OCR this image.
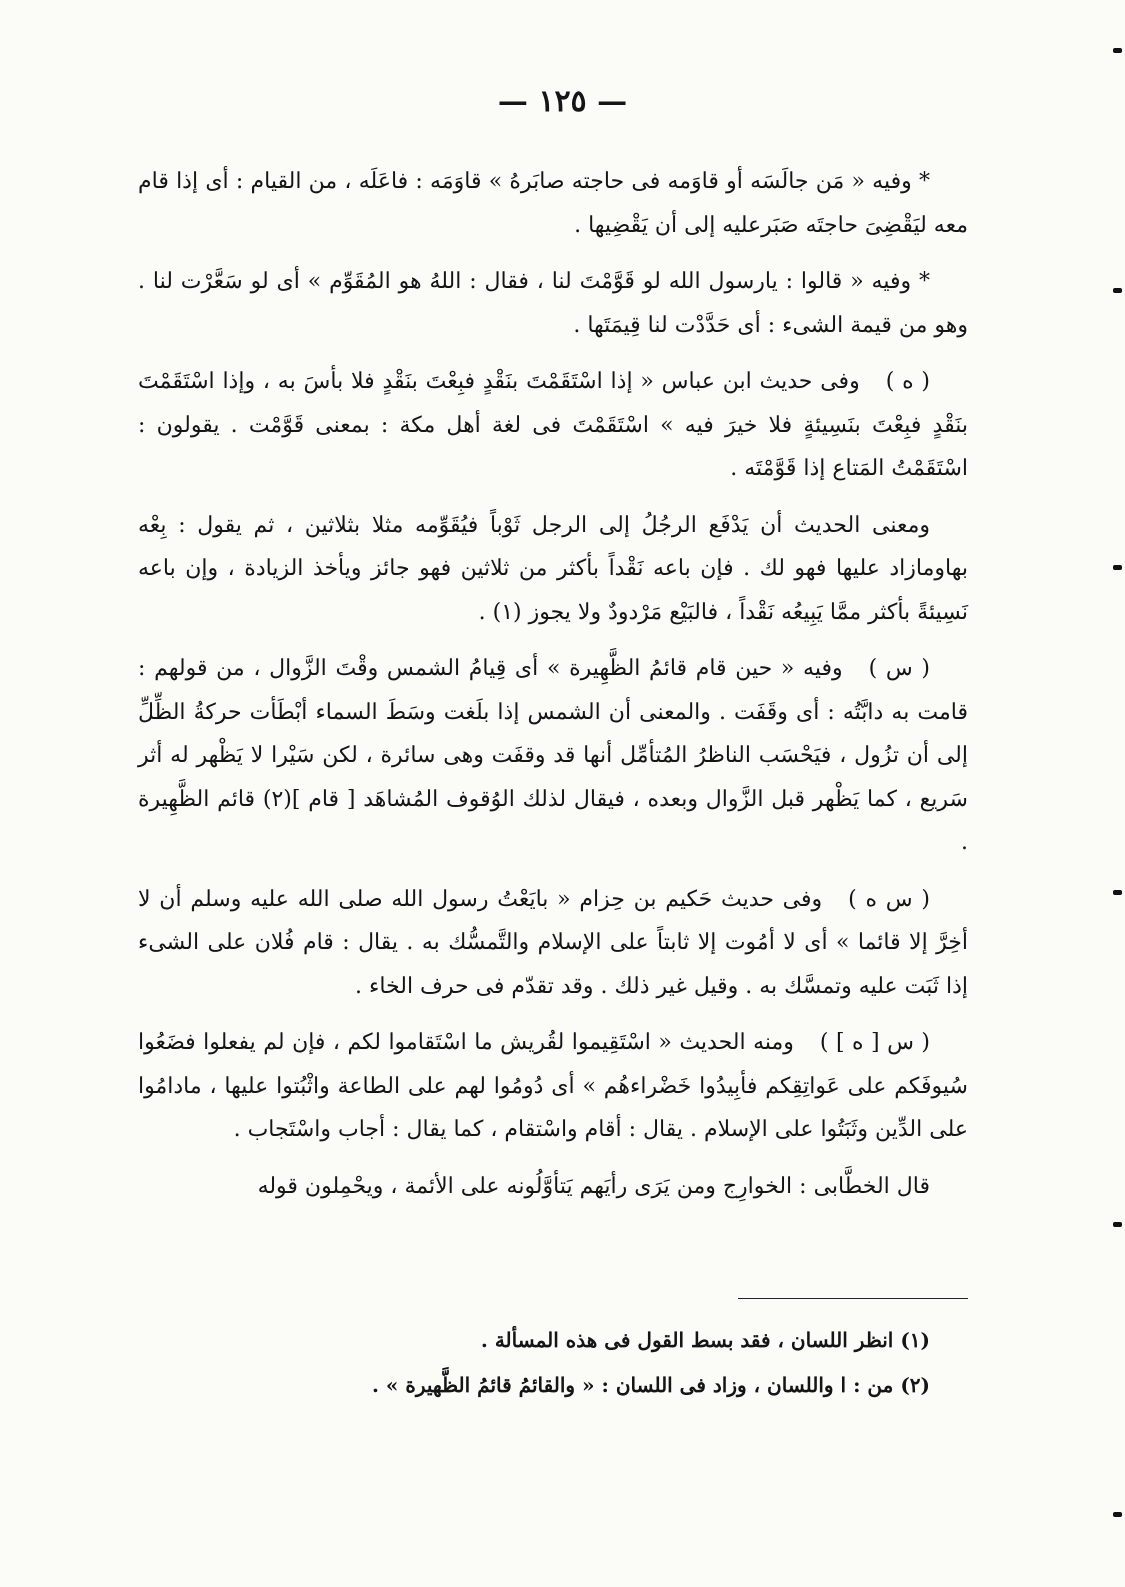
— ١٢٥ —

* وفيه « مَن جالَسَه أو قاوَمه فى حاجته صابَرهُ » قاوَمَه : فاعَلَه ، من القيام : أى إذا قام معه ليَقْضِىَ حاجتَه صَبَرعليه إلى أن يَقْضِيها .

* وفيه « قالوا : يارسول الله لو قَوَّمْتَ لنا ، فقال : اللهُ هو المُقَوِّم » أى لو سَعَّرْت لنا . وهو من قيمة الشىء : أى حَدَّدْت لنا قِيمَتَها .

( ه )وفى حديث ابن عباس « إذا اسْتَقَمْتَ بنَقْدٍ فبِعْتَ بنَقْدٍ فلا بأسَ به ، وإذا اسْتَقَمْتَ بنَقْدٍ فبِعْتَ بنَسِيئةٍ فلا خيرَ فيه » اسْتَقَمْتَ فى لغة أهل مكة : بمعنى قَوَّمْت . يقولون : اسْتَقَمْتُ المَتاع إذا قَوَّمْتَه .

ومعنى الحديث أن يَدْفَع الرجُلُ إلى الرجل ثَوْباً فيُقَوِّمه مثلا بثلاثين ، ثم يقول : بِعْه بهاومازاد عليها فهو لك . فإن باعه نَقْداً بأكثر من ثلاثين فهو جائز ويأخذ الزيادة ، وإن باعه نَسِيئةً بأكثر ممَّا يَبِيعُه نَقْداً ، فالبَيْع مَرْدودٌ ولا يجوز (١) .

( س )وفيه « حين قام قائمُ الظَّهِيرة » أى قِيامُ الشمس وقْتَ الزَّوال ، من قولهم : قامت به دابَّتُه : أى وقَفَت . والمعنى أن الشمس إذا بلَغت وسَطَ السماء أبْطَأت حركةُ الظِّلِّ إلى أن تزُول ، فيَحْسَب الناظرُ المُتأمِّل أنها قد وقفَت وهى سائرة ، لكن سَيْرا لا يَظْهر له أثر سَريع ، كما يَظْهر قبل الزَّوال وبعده ، فيقال لذلك الوُقوف المُشاهَد [ قام ](٢) قائم الظَّهِيرة .

( س ه )وفى حديث حَكيم بن حِزام « بايَعْتُ رسول الله صلى الله عليه وسلم أن لا أخِرَّ إلا قائما » أى لا أمُوت إلا ثابتاً على الإسلام والتَّمسُّك به . يقال : قام فُلان على الشىء إذا ثَبَت عليه وتمسَّك به . وقيل غير ذلك . وقد تقدّم فى حرف الخاء .

( س [ ه ] )ومنه الحديث « اسْتَقِيموا لقُريش ما اسْتَقاموا لكم ، فإن لم يفعلوا فضَعُوا سُيوفَكم على عَواتِقِكم فأبِيدُوا خَضْراءهُم » أى دُومُوا لهم على الطاعة واثْبُتوا عليها ، مادامُوا على الدِّين وثَبَتُوا على الإسلام . يقال : أقام واسْتقام ، كما يقال : أجاب واسْتَجاب .

قال الخطَّابى : الخوارِج ومن يَرَى رأيَهم يَتأوَّلُونه على الأئمة ، ويحْمِلون قوله

(١) انظر اللسان ، فقد بسط القول فى هذه المسألة .

(٢) من : ا واللسان ، وزاد فى اللسان : « والقائمُ قائمُ الظَّهيرة » .
